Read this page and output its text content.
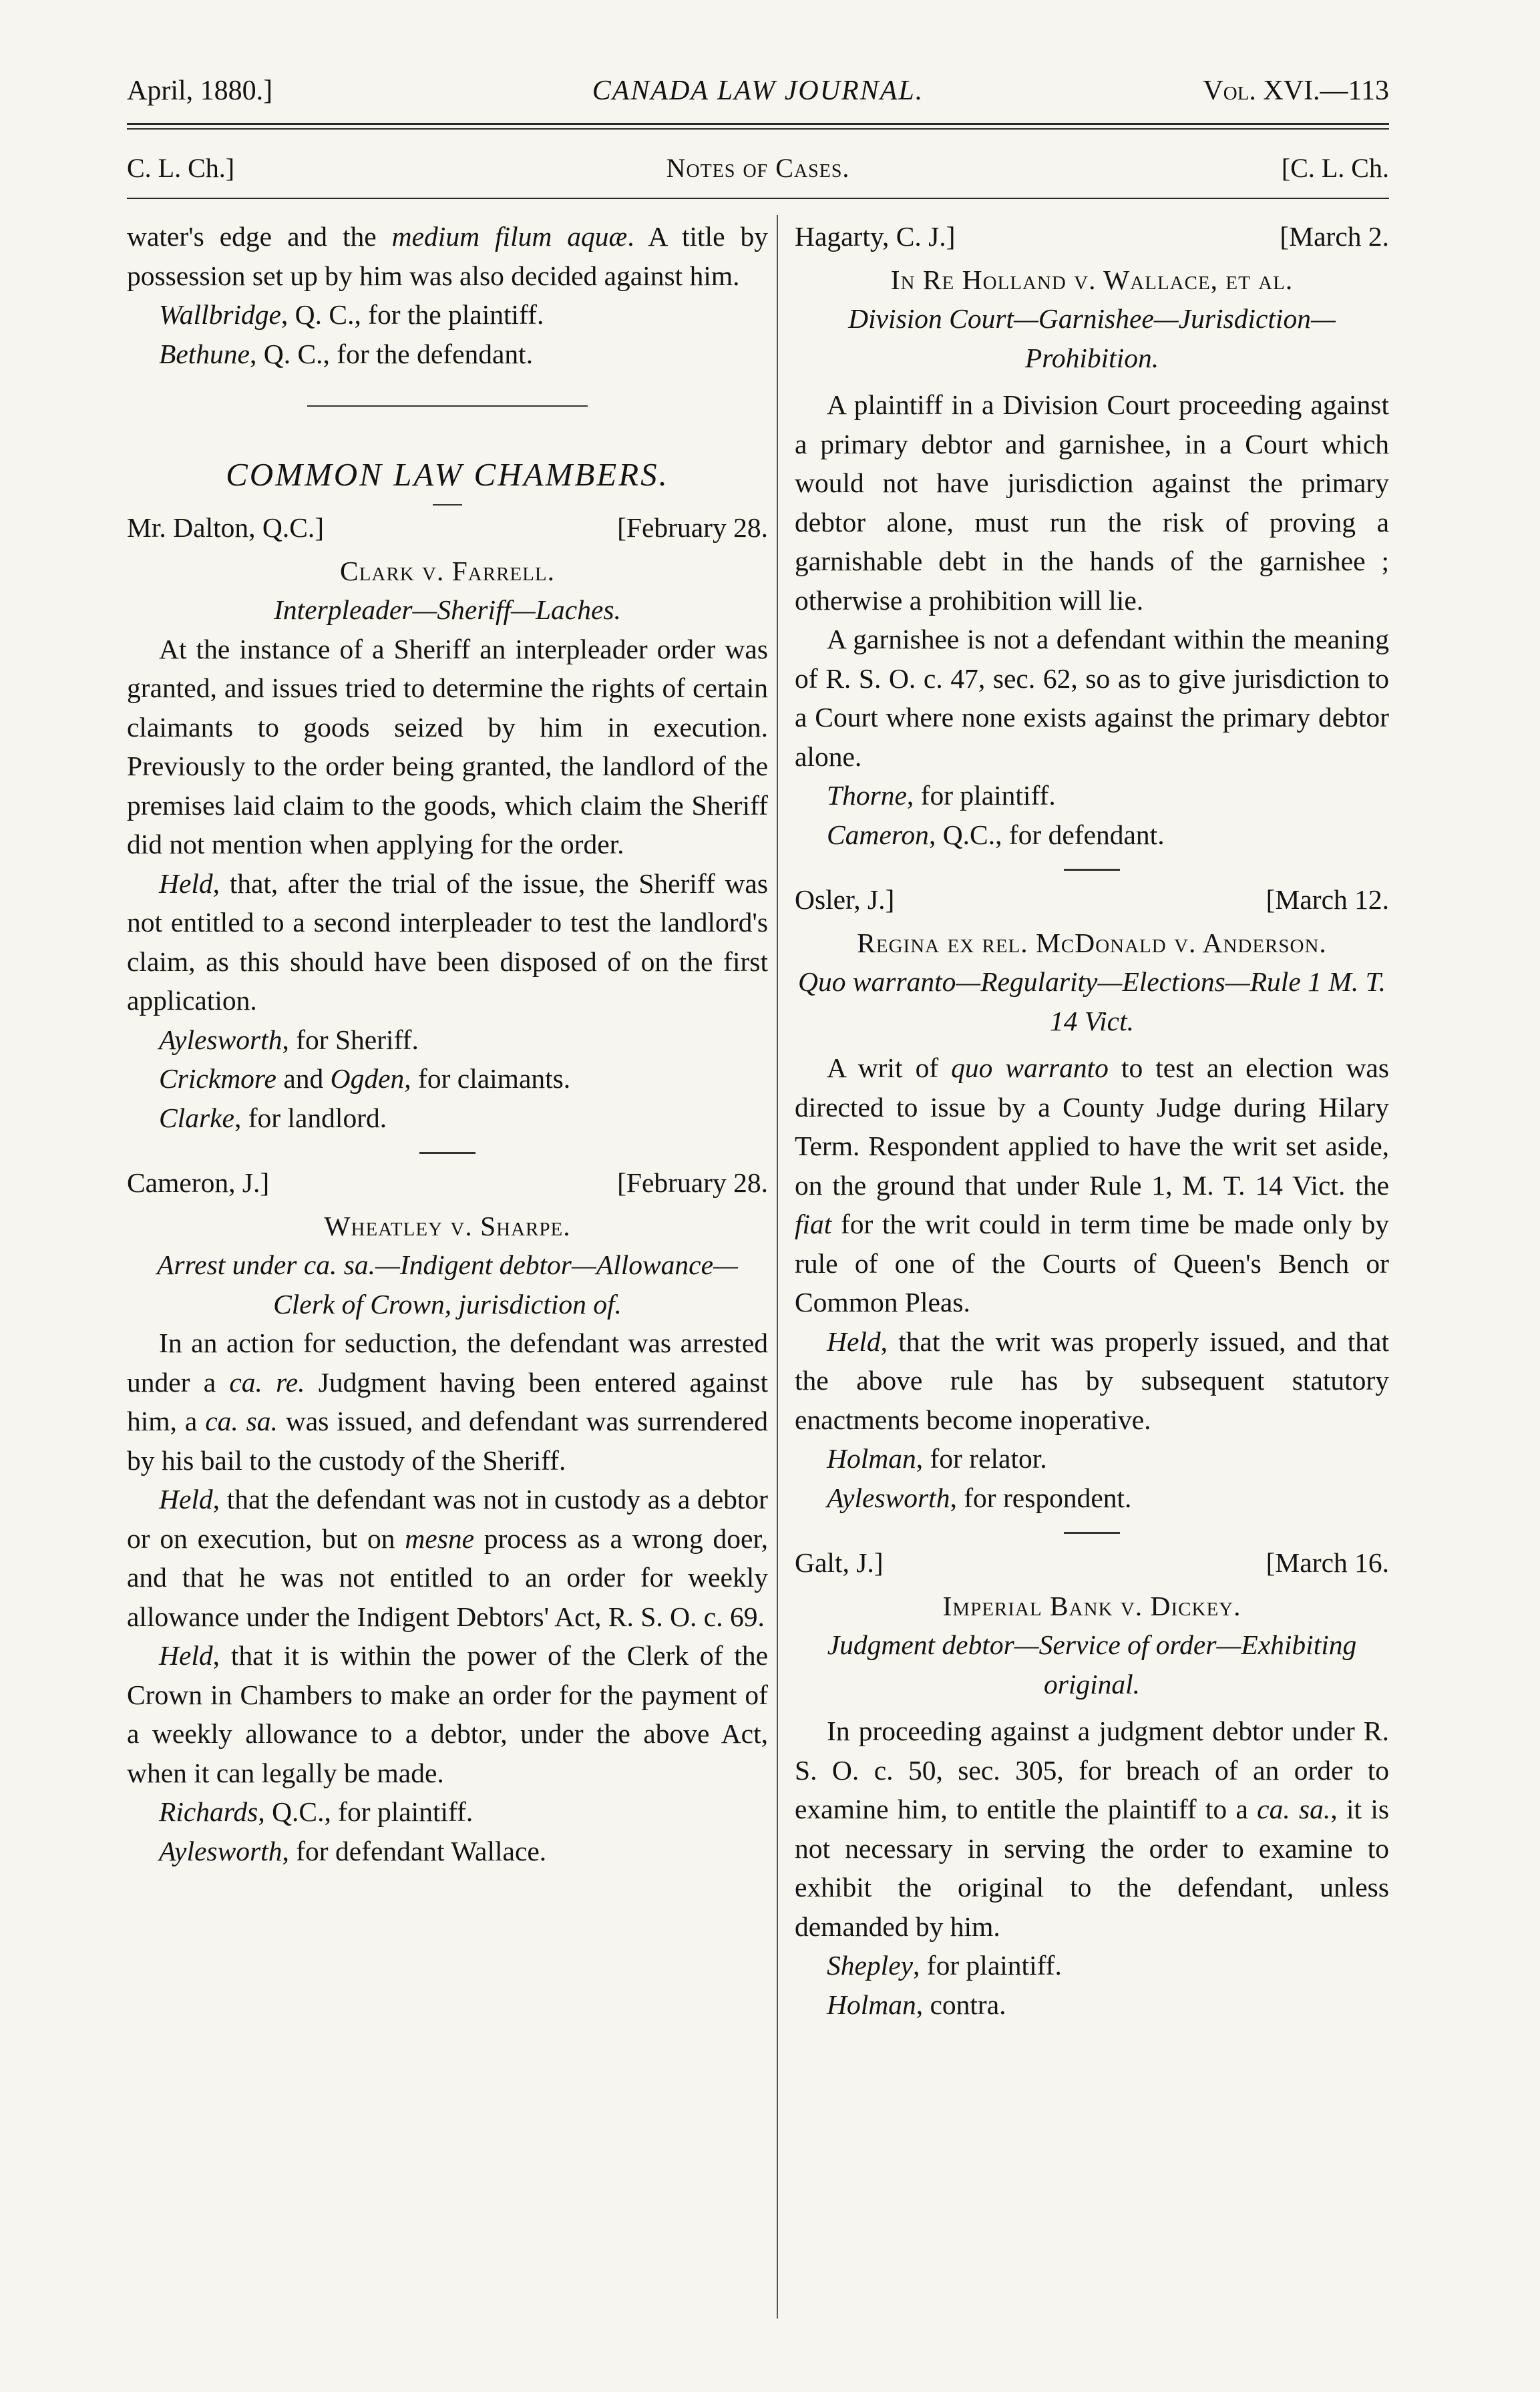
April, 1880.]	CANADA LAW JOURNAL.	Vol. XVI.—113
C. L. Ch.]	Notes of Cases.	[C. L. Ch.

water's edge and the medium filum aquæ. A title by possession set up by him was also decided against him.

Wallbridge, Q. C., for the plaintiff.

Bethune, Q. C., for the defendant.

COMMON LAW CHAMBERS.

Mr. Dalton, Q.C.]	[February 28.

Clark v. Farrell.

Interpleader—Sheriff—Laches.

At the instance of a Sheriff an interpleader order was granted, and issues tried to determine the rights of certain claimants to goods seized by him in execution. Previously to the order being granted, the landlord of the premises laid claim to the goods, which claim the Sheriff did not mention when applying for the order.

Held, that, after the trial of the issue, the Sheriff was not entitled to a second interpleader to test the landlord's claim, as this should have been disposed of on the first application.

Aylesworth, for Sheriff.

Crickmore and Ogden, for claimants.

Clarke, for landlord.

Cameron, J.]	[February 28.

Wheatley v. Sharpe.

Arrest under ca. sa.—Indigent debtor—Allowance—Clerk of Crown, jurisdiction of.

In an action for seduction, the defendant was arrested under a ca. re. Judgment having been entered against him, a ca. sa. was issued, and defendant was surrendered by his bail to the custody of the Sheriff.

Held, that the defendant was not in custody as a debtor or on execution, but on mesne process as a wrong doer, and that he was not entitled to an order for weekly allowance under the Indigent Debtors' Act, R. S. O. c. 69.

Held, that it is within the power of the Clerk of the Crown in Chambers to make an order for the payment of a weekly allowance to a debtor, under the above Act, when it can legally be made.

Richards, Q.C., for plaintiff.

Aylesworth, for defendant Wallace.

Hagarty, C. J.]	[March 2.

In Re Holland v. Wallace, et al.

Division Court—Garnishee—Jurisdiction—Prohibition.

A plaintiff in a Division Court proceeding against a primary debtor and garnishee, in a Court which would not have jurisdiction against the primary debtor alone, must run the risk of proving a garnishable debt in the hands of the garnishee ; otherwise a prohibition will lie.

A garnishee is not a defendant within the meaning of R. S. O. c. 47, sec. 62, so as to give jurisdiction to a Court where none exists against the primary debtor alone.

Thorne, for plaintiff.

Cameron, Q.C., for defendant.

Osler, J.]	[March 12.

Regina ex rel. McDonald v. Anderson.

Quo warranto—Regularity—Elections—Rule 1 M. T. 14 Vict.

A writ of quo warranto to test an election was directed to issue by a County Judge during Hilary Term. Respondent applied to have the writ set aside, on the ground that under Rule 1, M. T. 14 Vict. the fiat for the writ could in term time be made only by rule of one of the Courts of Queen's Bench or Common Pleas.

Held, that the writ was properly issued, and that the above rule has by subsequent statutory enactments become inoperative.

Holman, for relator.

Aylesworth, for respondent.

Galt, J.]	[March 16.

Imperial Bank v. Dickey.

Judgment debtor—Service of order—Exhibiting original.

In proceeding against a judgment debtor under R. S. O. c. 50, sec. 305, for breach of an order to examine him, to entitle the plaintiff to a ca. sa., it is not necessary in serving the order to examine to exhibit the original to the defendant, unless demanded by him.

Shepley, for plaintiff.

Holman, contra.
